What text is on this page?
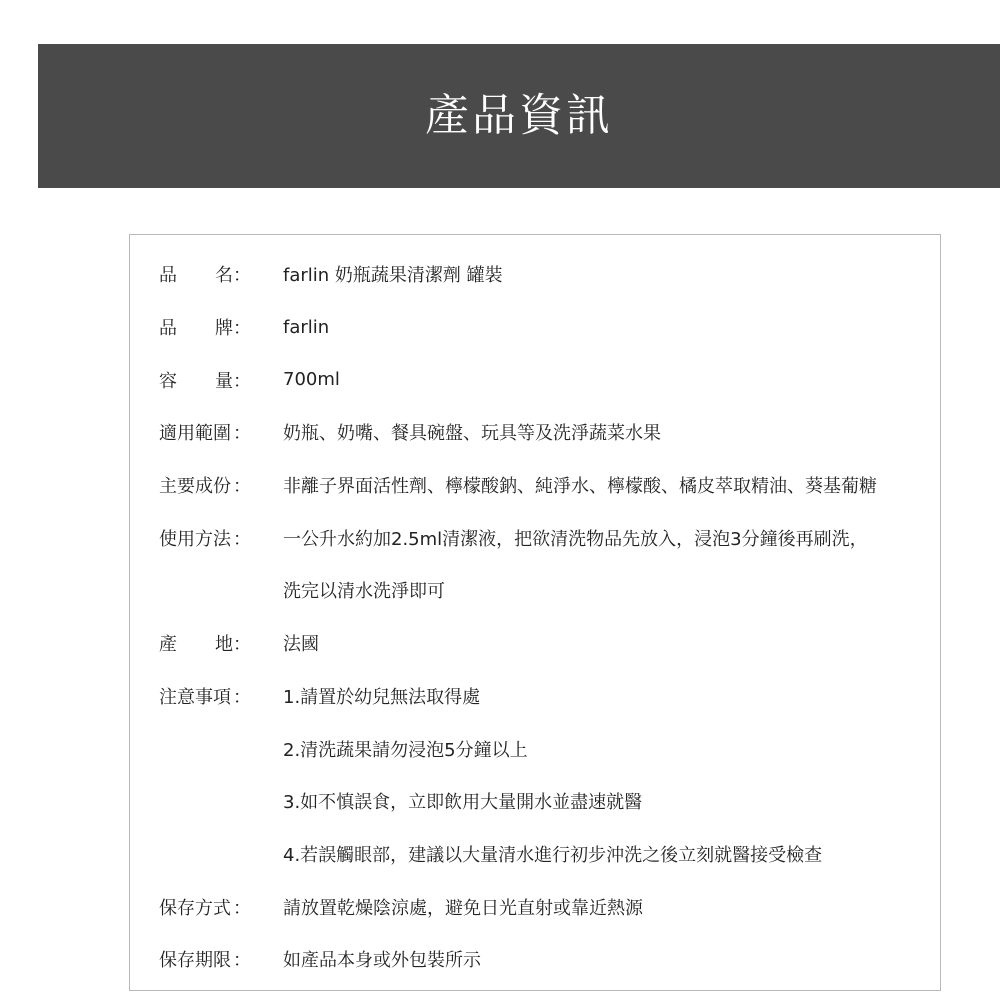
產品資訊
品 名 ： farlin 奶瓶蔬果清潔劑 罐裝
品 牌 ： farlin
容 量 ： 700ml
適用範圍 ： 奶瓶、奶嘴、餐具碗盤、玩具等及洗淨蔬菜水果
主要成份 ： 非離子界面活性劑、檸檬酸鈉、純淨水、檸檬酸、橘皮萃取精油、葵基葡糖
使用方法 ： 一公升水約加2.5ml清潔液，把欲清洗物品先放入，浸泡3分鐘後再刷洗，
洗完以清水洗淨即可
產 地 ： 法國
注意事項 ： 1.請置於幼兒無法取得處
2.清洗蔬果請勿浸泡5分鐘以上
3.如不慎誤食，立即飲用大量開水並盡速就醫
4.若誤觸眼部，建議以大量清水進行初步沖洗之後立刻就醫接受檢查
保存方式 ： 請放置乾燥陰涼處，避免日光直射或靠近熱源
保存期限 ： 如產品本身或外包裝所示
